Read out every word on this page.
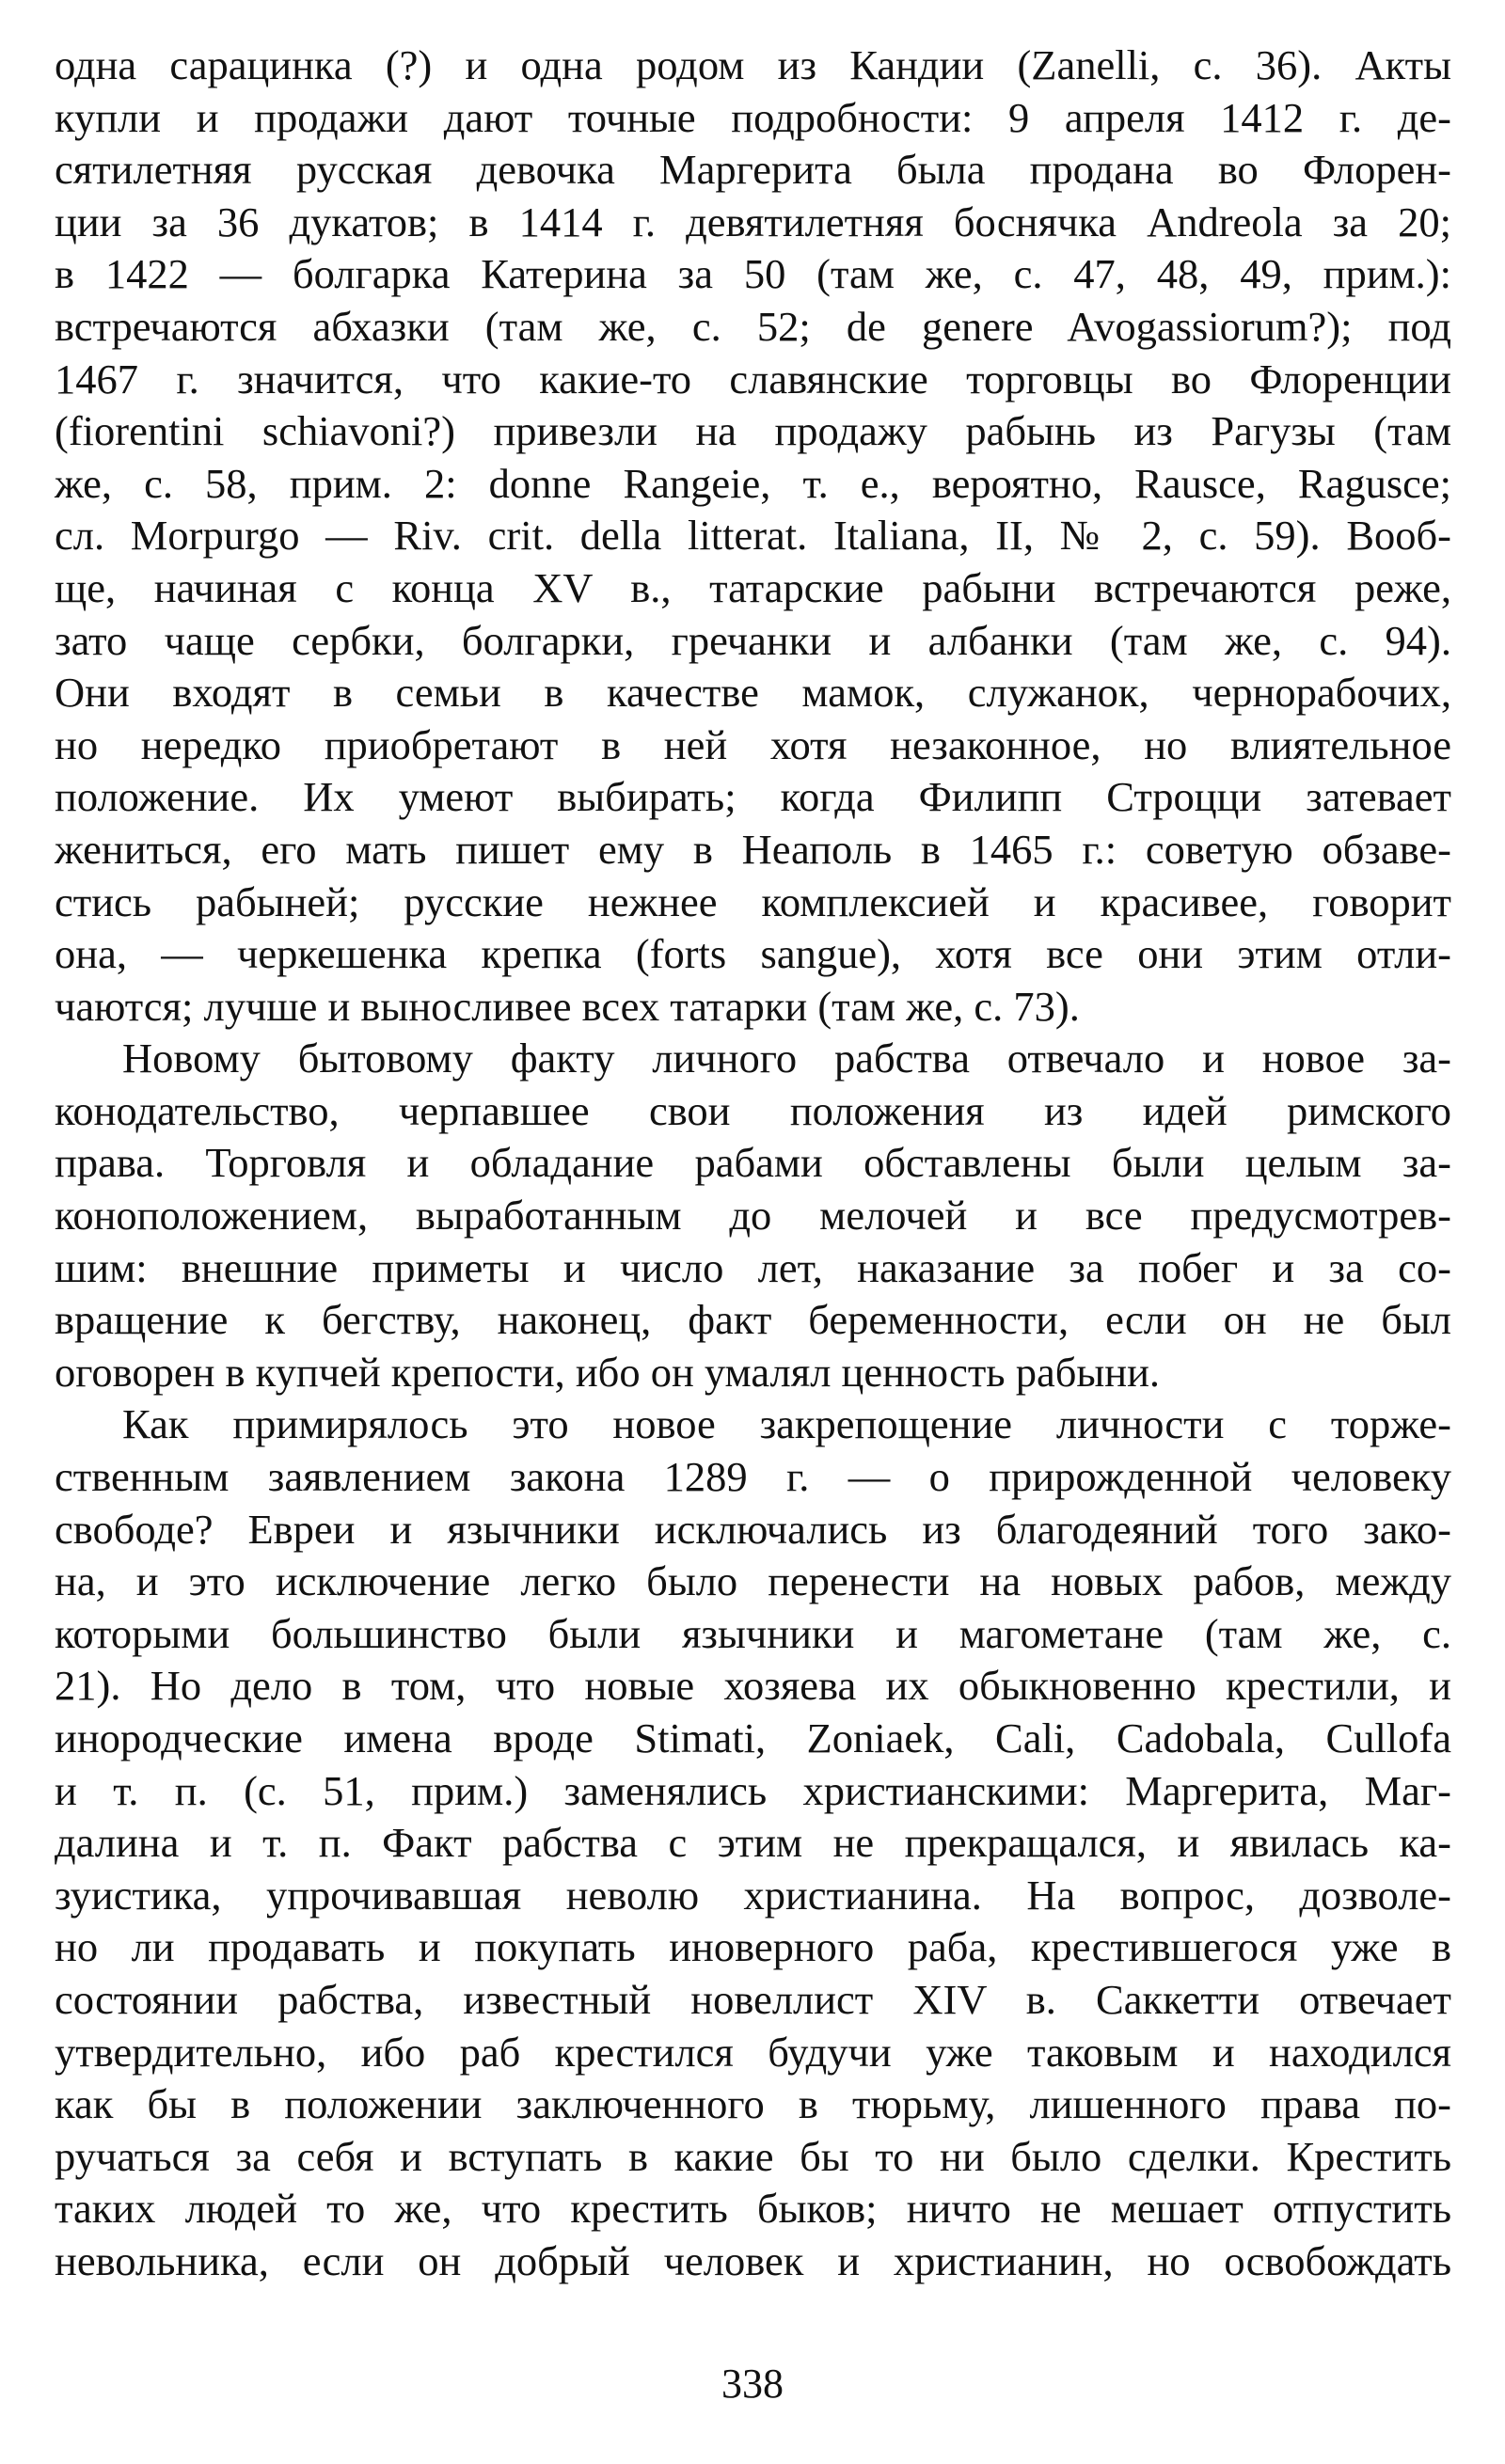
одна сарацинка (?) и одна родом из Кандии (Zanelli, с. 36). Акты
купли и продажи дают точные подробности: 9 апреля 1412 г. де-
сятилетняя русская девочка Маргерита была продана во Флорен-
ции за 36 дукатов; в 1414 г. девятилетняя боснячка Andreola за 20;
в 1422 — болгарка Катерина за 50 (там же, с. 47, 48, 49, прим.):
встречаются абхазки (там же, с. 52; de genere Avogassiorum?); под
1467 г. значится, что какие-то славянские торговцы во Флоренции
(fiorentini schiavoni?) привезли на продажу рабынь из Рагузы (там
же, с. 58, прим. 2: donne Rangeie, т. е., вероятно, Rausce, Ragusce;
сл. Morpurgo — Riv. crit. della litterat. Italiana, II, № 2, с. 59). Вооб-
ще, начиная с конца XV в., татарские рабыни встречаются реже,
зато чаще сербки, болгарки, гречанки и албанки (там же, с. 94).
Они входят в семьи в качестве мамок, служанок, чернорабочих,
но нередко приобретают в ней хотя незаконное, но влиятельное
положение. Их умеют выбирать; когда Филипп Строцци затевает
жениться, его мать пишет ему в Неаполь в 1465 г.: советую обзаве-
стись рабыней; русские нежнее комплексией и красивее, говорит
она, — черкешенка крепка (forts sangue), хотя все они этим отли-
чаются; лучше и выносливее всех татарки (там же, с. 73).
Новому бытовому факту личного рабства отвечало и новое за-
конодательство, черпавшее свои положения из идей римского
права. Торговля и обладание рабами обставлены были целым за-
коноположением, выработанным до мелочей и все предусмотрев-
шим: внешние приметы и число лет, наказание за побег и за со-
вращение к бегству, наконец, факт беременности, если он не был
оговорен в купчей крепости, ибо он умалял ценность рабыни.
Как примирялось это новое закрепощение личности с торже-
ственным заявлением закона 1289 г. — о прирожденной человеку
свободе? Евреи и язычники исключались из благодеяний того зако-
на, и это исключение легко было перенести на новых рабов, между
которыми большинство были язычники и магометане (там же, с.
21). Но дело в том, что новые хозяева их обыкновенно крестили, и
инородческие имена вроде Stimati, Zoniaek, Cali, Cadobala, Cullofa
и т. п. (с. 51, прим.) заменялись христианскими: Маргерита, Маг-
далина и т. п. Факт рабства с этим не прекращался, и явилась ка-
зуистика, упрочивавшая неволю христианина. На вопрос, дозволе-
но ли продавать и покупать иноверного раба, крестившегося уже в
состоянии рабства, известный новеллист XIV в. Саккетти отвечает
утвердительно, ибо раб крестился будучи уже таковым и находился
как бы в положении заключенного в тюрьму, лишенного права по-
ручаться за себя и вступать в какие бы то ни было сделки. Крестить
таких людей то же, что крестить быков; ничто не мешает отпустить
невольника, если он добрый человек и христианин, но освобождать
338
